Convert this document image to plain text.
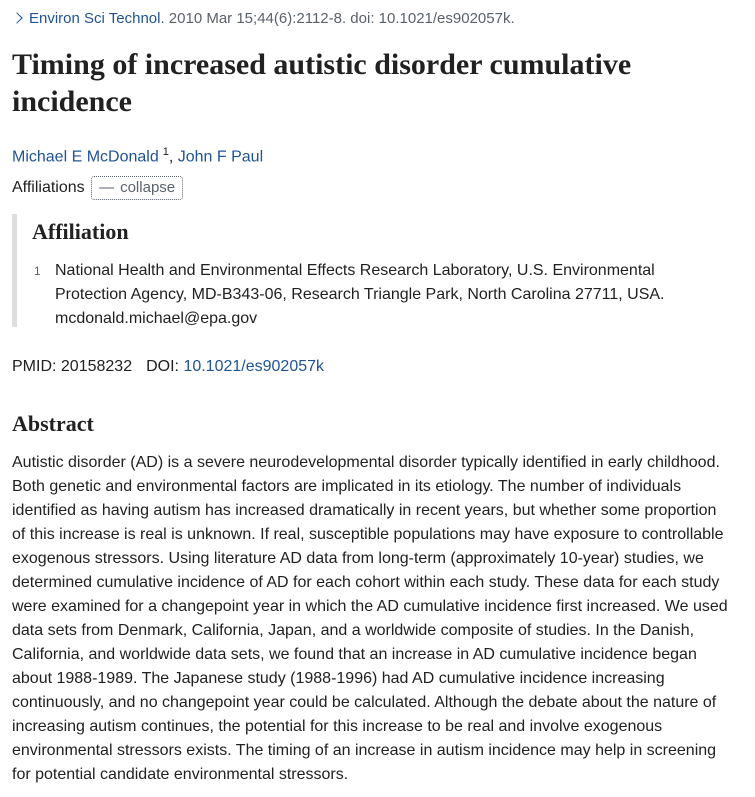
Environ Sci Technol. 2010 Mar 15;44(6):2112-8. doi: 10.1021/es902057k.
Timing of increased autistic disorder cumulative incidence
Michael E McDonald $^1$, John F Paul
Affiliations — collapse
Affiliation
1 National Health and Environmental Effects Research Laboratory, U.S. Environmental Protection Agency, MD-B343-06, Research Triangle Park, North Carolina 27711, USA. mcdonald.michael@epa.gov
PMID: 20158232 DOI: 10.1021/es902057k
Abstract

Autistic disorder (AD) is a severe neurodevelopmental disorder typically identified in early childhood. Both genetic and environmental factors are implicated in its etiology. The number of individuals identified as having autism has increased dramatically in recent years, but whether some proportion of this increase is real is unknown. If real, susceptible populations may have exposure to controllable exogenous stressors. Using literature AD data from long-term (approximately 10-year) studies, we determined cumulative incidence of AD for each cohort within each study. These data for each study were examined for a changepoint year in which the AD cumulative incidence first increased. We used data sets from Denmark, California, Japan, and a worldwide composite of studies. In the Danish, California, and worldwide data sets, we found that an increase in AD cumulative incidence began about 1988-1989. The Japanese study (1988-1996) had AD cumulative incidence increasing continuously, and no changepoint year could be calculated. Although the debate about the nature of increasing autism continues, the potential for this increase to be real and involve exogenous environmental stressors exists. The timing of an increase in autism incidence may help in screening for potential candidate environmental stressors.
